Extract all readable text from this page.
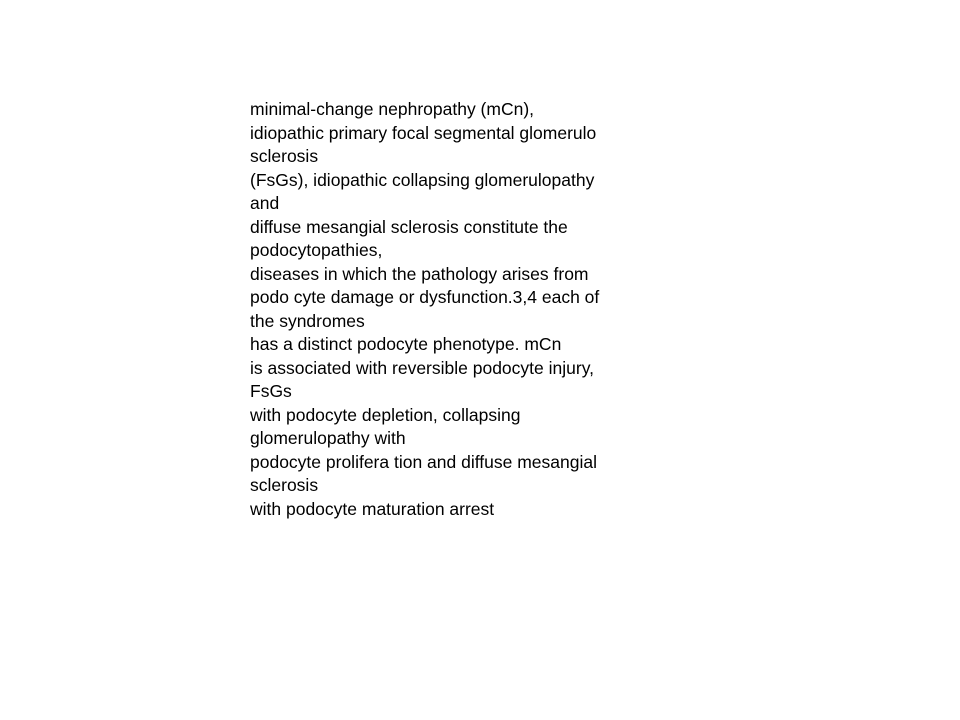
minimal-change nephropathy (mCn),
idiopathic primary focal segmental glomerulo
sclerosis
(FsGs), idiopathic collapsing glomerulopathy
and
diffuse mesangial sclerosis constitute the
podocytopathies,
diseases in which the pathology arises from
podo cyte damage or dysfunction.3,4 each of
the syndromes
has a distinct podocyte phenotype. mCn
is associated with reversible podocyte injury,
FsGs
with podocyte depletion, collapsing
glomerulopathy with
podocyte prolifera tion and diffuse mesangial
sclerosis
with podocyte maturation arrest
